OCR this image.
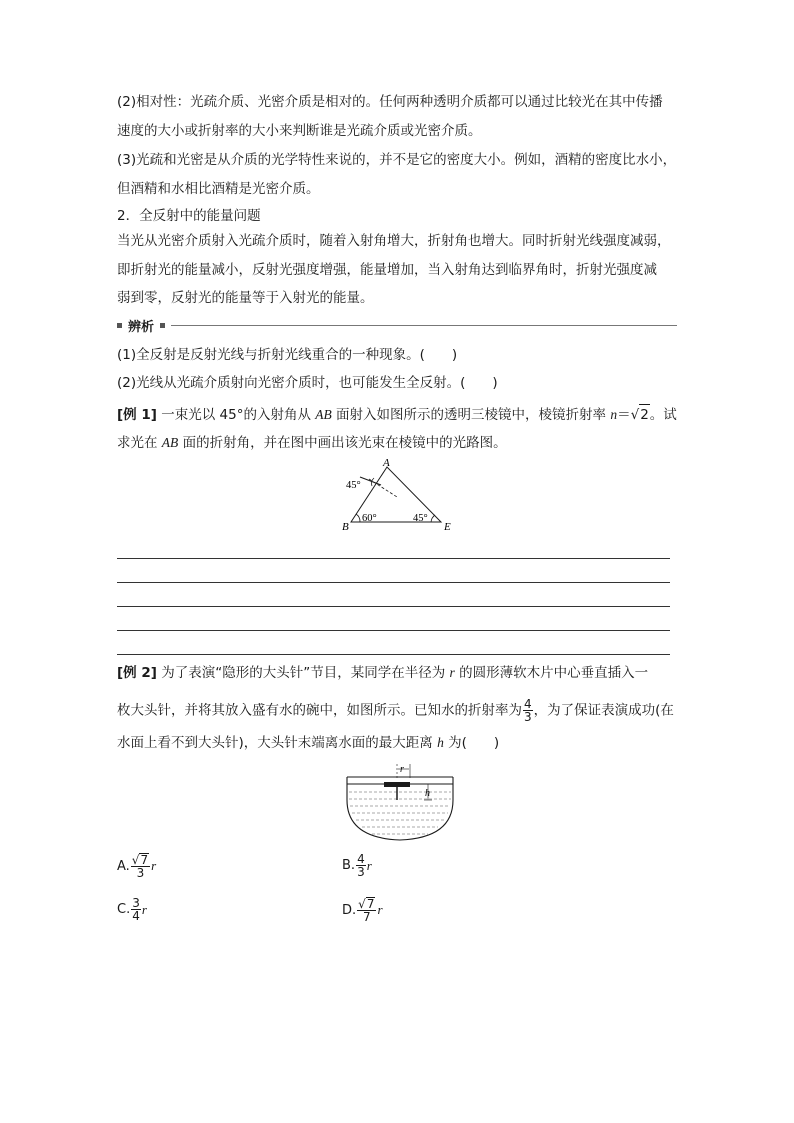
(2)相对性：光疏介质、光密介质是相对的。任何两种透明介质都可以通过比较光在其中传播
速度的大小或折射率的大小来判断谁是光疏介质或光密介质。
(3)光疏和光密是从介质的光学特性来说的，并不是它的密度大小。例如，酒精的密度比水小，
但酒精和水相比酒精是光密介质。
2．全反射中的能量问题
当光从光密介质射入光疏介质时，随着入射角增大，折射角也增大。同时折射光线强度减弱，
即折射光的能量减小，反射光强度增强，能量增加，当入射角达到临界角时，折射光强度减
弱到零，反射光的能量等于入射光的能量。
辨析
(1)全反射是反射光线与折射光线重合的一种现象。(　　)
(2)光线从光疏介质射向光密介质时，也可能发生全反射。(　　)
[例 1] 一束光以 45°的入射角从 AB 面射入如图所示的透明三棱镜中，棱镜折射率 n＝√2。试
求光在 AB 面的折射角，并在图中画出该光束在棱镜中的光路图。
A
B	E
45°
60°	45°
[例 2] 为了表演“隐形的大头针”节目，某同学在半径为 r 的圆形薄软木片中心垂直插入一
枚大头针，并将其放入盛有水的碗中，如图所示。已知水的折射率为 $\frac{4}{3}$ ，为了保证表演成功(在
水面上看不到大头针)，大头针末端离水面的最大距离 h 为(　　)
r
h
A. $\frac{√7}{3}$ r	B. $\frac{4}{3}$ r
C. $\frac{3}{4}$ r	D. $\frac{√7}{7}$ r
